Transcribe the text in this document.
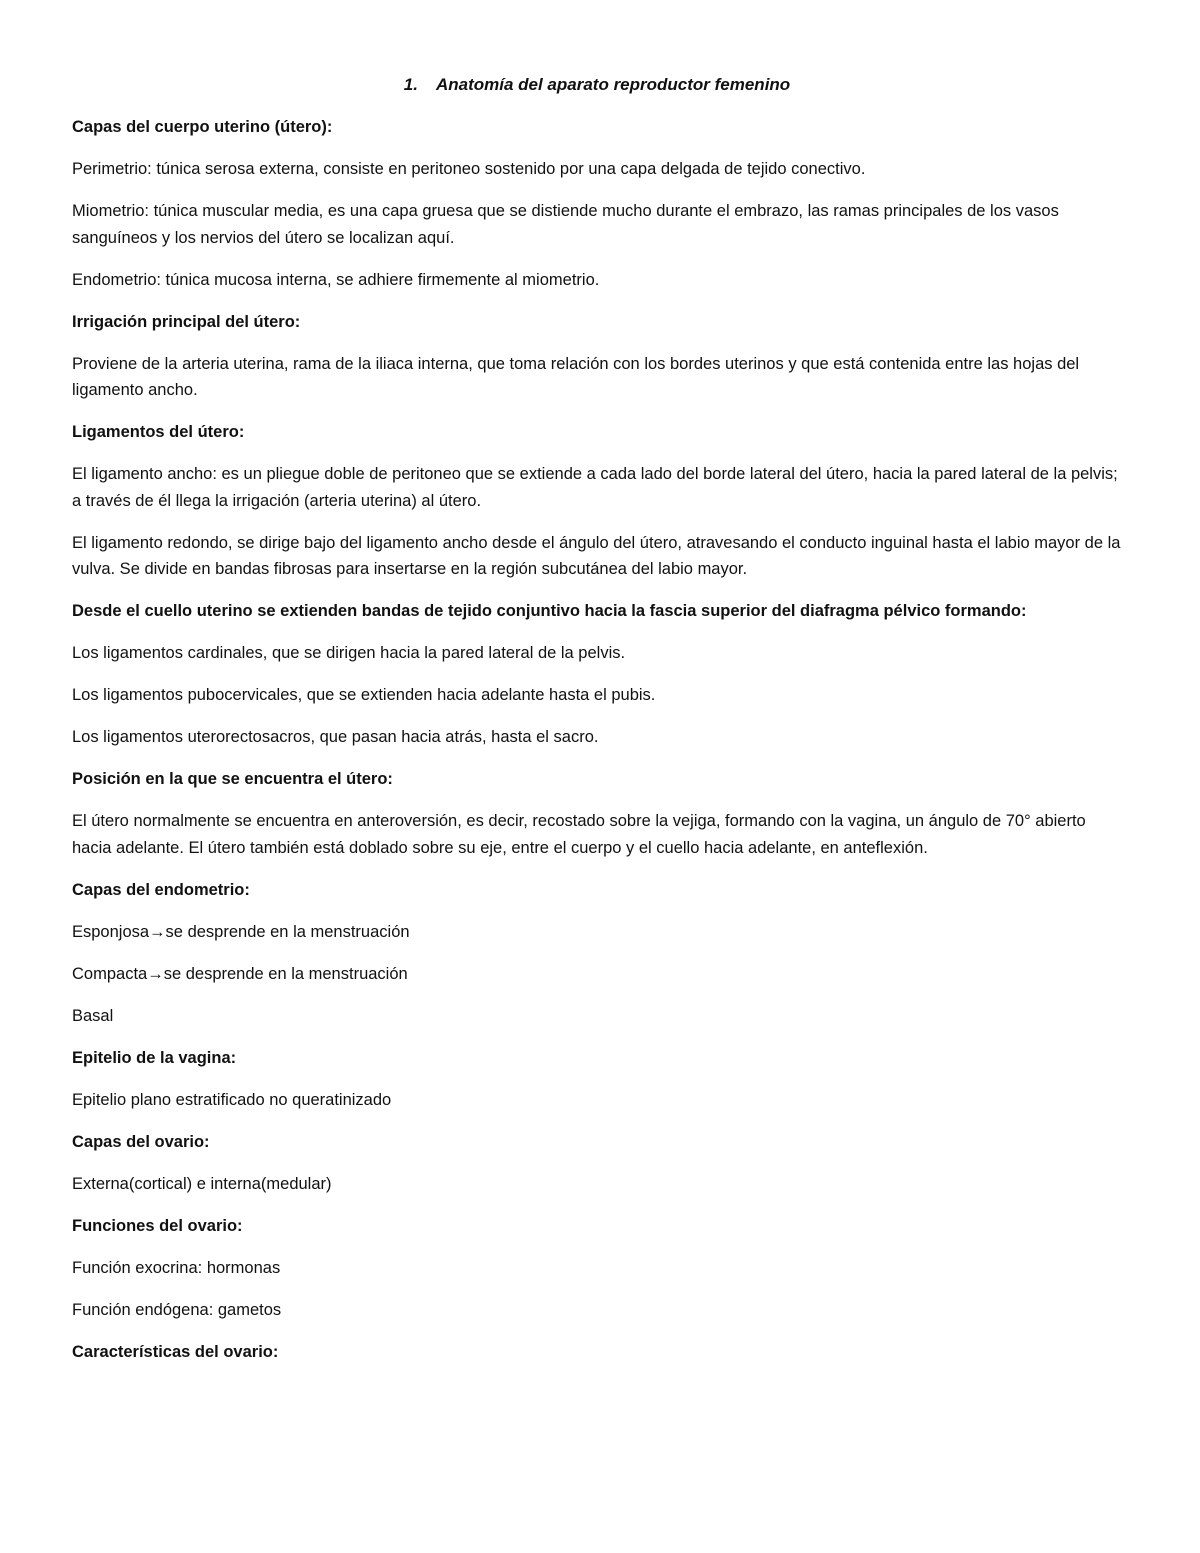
1. Anatomía del aparato reproductor femenino

Capas del cuerpo uterino (útero):

Perimetrio: túnica serosa externa, consiste en peritoneo sostenido por una capa delgada de tejido conectivo.

Miometrio: túnica muscular media, es una capa gruesa que se distiende mucho durante el embrazo, las ramas principales de los vasos sanguíneos y los nervios del útero se localizan aquí.

Endometrio: túnica mucosa interna, se adhiere firmemente al miometrio.

Irrigación principal del útero:

Proviene de la arteria uterina, rama de la iliaca interna, que toma relación con los bordes uterinos y que está contenida entre las hojas del ligamento ancho.

Ligamentos del útero:

El ligamento ancho: es un pliegue doble de peritoneo que se extiende a cada lado del borde lateral del útero, hacia la pared lateral de la pelvis; a través de él llega la irrigación (arteria uterina) al útero.

El ligamento redondo, se dirige bajo del ligamento ancho desde el ángulo del útero, atravesando el conducto inguinal hasta el labio mayor de la vulva. Se divide en bandas fibrosas para insertarse en la región subcutánea del labio mayor.

Desde el cuello uterino se extienden bandas de tejido conjuntivo hacia la fascia superior del diafragma pélvico formando:

Los ligamentos cardinales, que se dirigen hacia la pared lateral de la pelvis.

Los ligamentos pubocervicales, que se extienden hacia adelante hasta el pubis.

Los ligamentos uterorectosacros, que pasan hacia atrás, hasta el sacro.

Posición en la que se encuentra el útero:

El útero normalmente se encuentra en anteroversión, es decir, recostado sobre la vejiga, formando con la vagina, un ángulo de 70° abierto hacia adelante. El útero también está doblado sobre su eje, entre el cuerpo y el cuello hacia adelante, en anteflexión.

Capas del endometrio:

Esponjosa→se desprende en la menstruación

Compacta→se desprende en la menstruación

Basal

Epitelio de la vagina:

Epitelio plano estratificado no queratinizado

Capas del ovario:

Externa(cortical) e interna(medular)

Funciones del ovario:

Función exocrina: hormonas

Función endógena: gametos

Características del ovario:
